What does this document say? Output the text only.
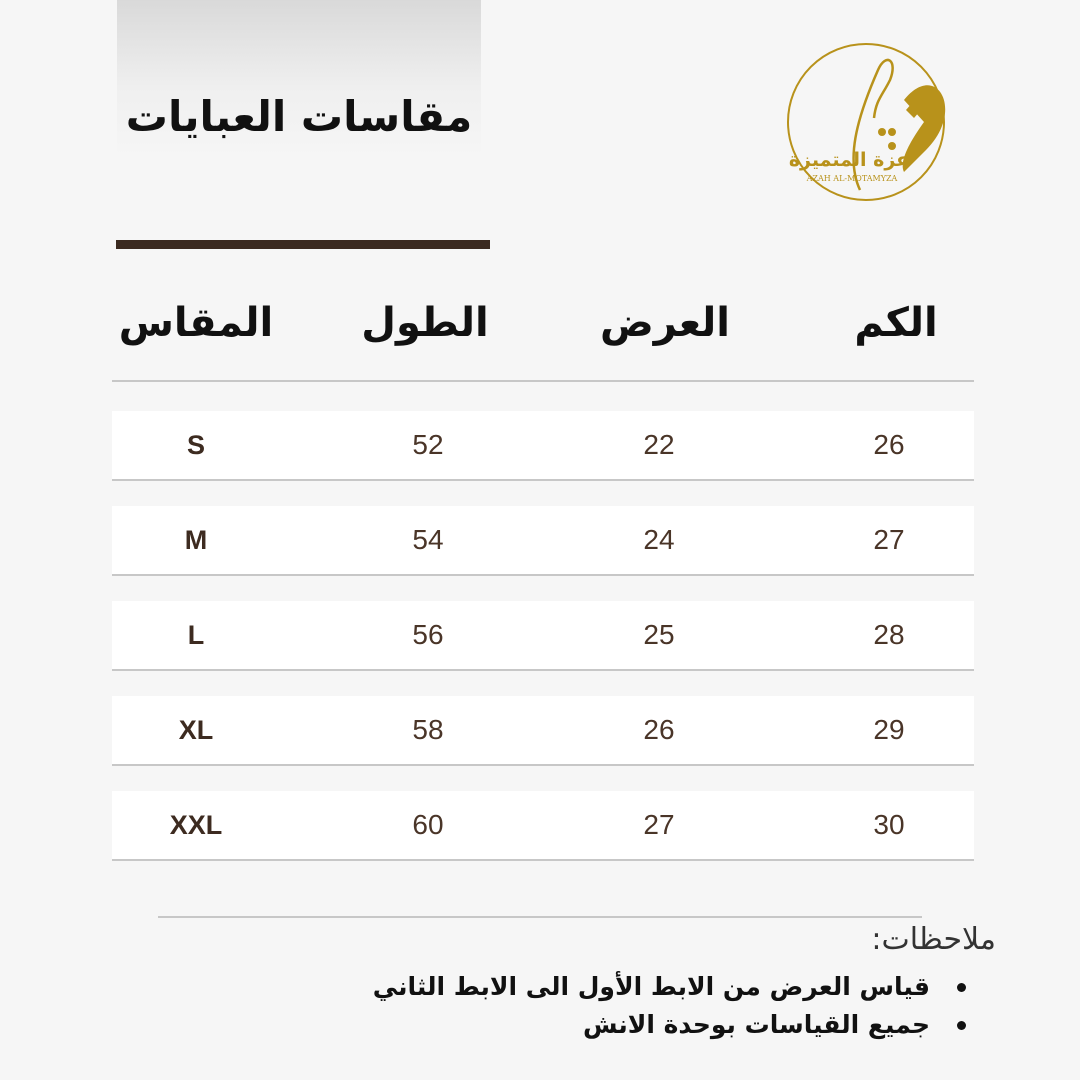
مقاسات العبايات
عزة المتميزة
AZAH AL-MOTAMYZA
المقاس	الطول	العرض	الكم
S	52	22	26
M	54	24	27
L	56	25	28
XL	58	26	29
XXL	60	27	30
ملاحظات:
قياس العرض من الابط الأول الى الابط الثاني
جميع القياسات بوحدة الانش
